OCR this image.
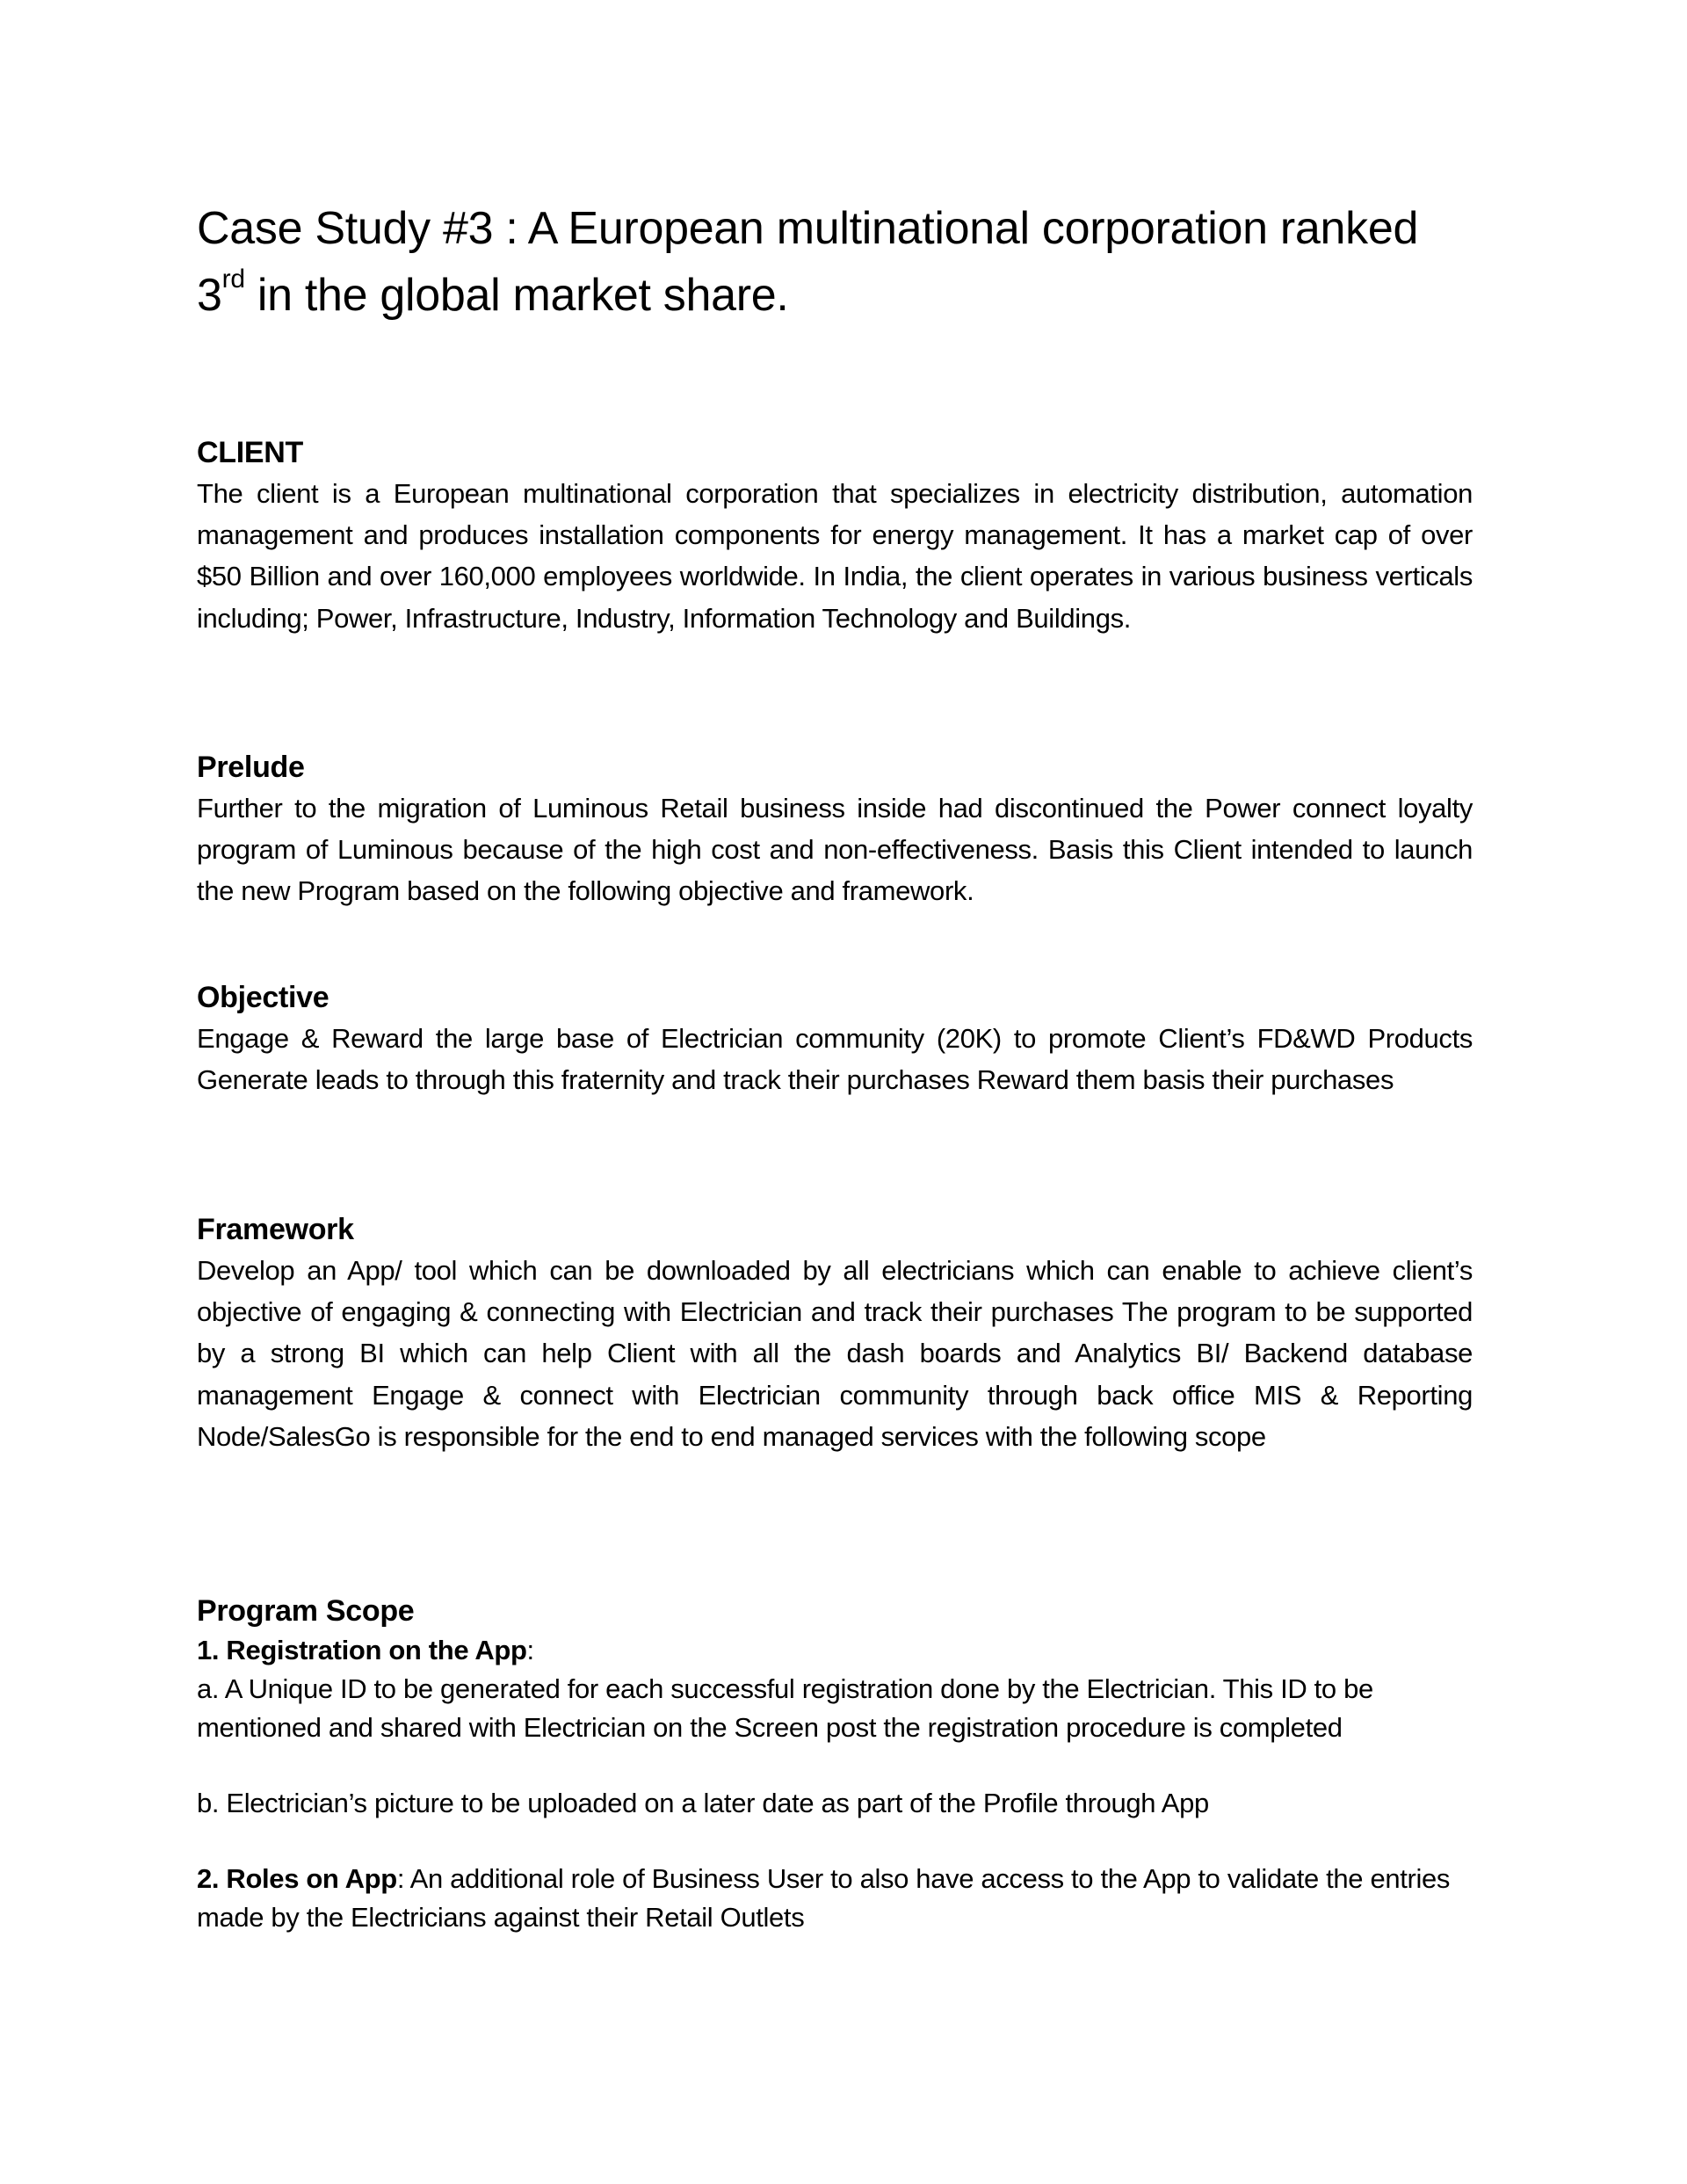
Case Study #3 : A European multinational corporation ranked
3rd in the global market share.
CLIENT

The client is a European multinational corporation that specializes in electricity distribution, automation management and produces installation components for energy management. It has a market cap of over $50 Billion and over 160,000 employees worldwide. In India, the client operates in various business verticals including; Power, Infrastructure, Industry, Information Technology and Buildings.

Prelude

Further to the migration of Luminous Retail business inside had discontinued the Power connect loyalty program of Luminous because of the high cost and non-effectiveness. Basis this Client intended to launch the new Program based on the following objective and framework.

Objective

Engage & Reward the large base of Electrician community (20K) to promote Client’s FD&WD Products Generate leads to through this fraternity and track their purchases Reward them basis their purchases

Framework

Develop an App/ tool which can be downloaded by all electricians which can enable to achieve client’s objective of engaging & connecting with Electrician and track their purchases The program to be supported by a strong BI which can help Client with all the dash boards and Analytics BI/ Backend database management Engage & connect with Electrician community through back office MIS & Reporting Node/SalesGo is responsible for the end to end managed services with the following scope

Program Scope

1. Registration on the App:

a. A Unique ID to be generated for each successful registration done by the Electrician. This ID to be mentioned and shared with Electrician on the Screen post the registration procedure is completed

b. Electrician’s picture to be uploaded on a later date as part of the Profile through App

2. Roles on App: An additional role of Business User to also have access to the App to validate the entries made by the Electricians against their Retail Outlets
